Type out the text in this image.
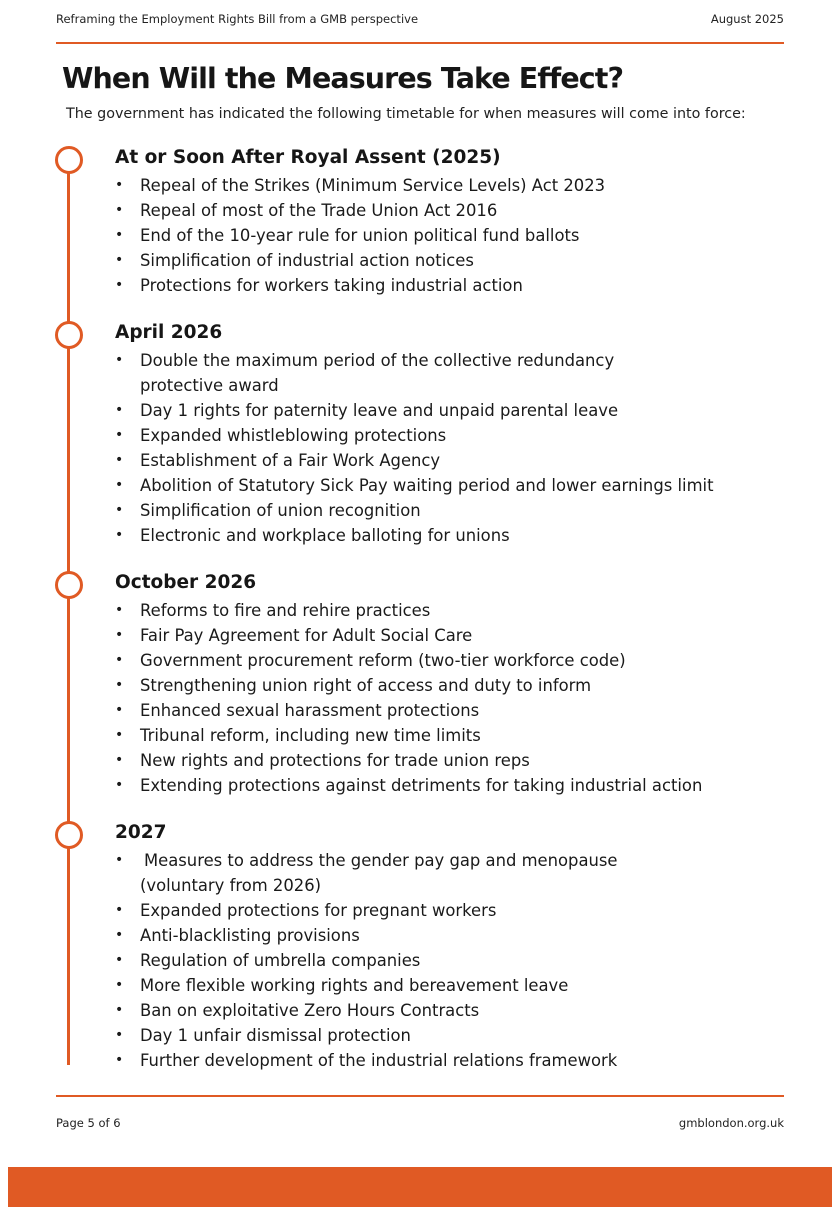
Reframing the Employment Rights Bill from a GMB perspective	August 2025
When Will the Measures Take Effect?
The government has indicated the following timetable for when measures will come into force:
At or Soon After Royal Assent (2025)
• Repeal of the Strikes (Minimum Service Levels) Act 2023
• Repeal of most of the Trade Union Act 2016
• End of the 10-year rule for union political fund ballots
• Simplification of industrial action notices
• Protections for workers taking industrial action
April 2026
• Double the maximum period of the collective redundancy
protective award
• Day 1 rights for paternity leave and unpaid parental leave
• Expanded whistleblowing protections
• Establishment of a Fair Work Agency
• Abolition of Statutory Sick Pay waiting period and lower earnings limit
• Simplification of union recognition
• Electronic and workplace balloting for unions
October 2026
• Reforms to fire and rehire practices
• Fair Pay Agreement for Adult Social Care
• Government procurement reform (two-tier workforce code)
• Strengthening union right of access and duty to inform
• Enhanced sexual harassment protections
• Tribunal reform, including new time limits
• New rights and protections for trade union reps
• Extending protections against detriments for taking industrial action
2027
• Measures to address the gender pay gap and menopause
(voluntary from 2026)
• Expanded protections for pregnant workers
• Anti-blacklisting provisions
• Regulation of umbrella companies
• More flexible working rights and bereavement leave
• Ban on exploitative Zero Hours Contracts
• Day 1 unfair dismissal protection
• Further development of the industrial relations framework
Page 5 of 6	gmblondon.org.uk
